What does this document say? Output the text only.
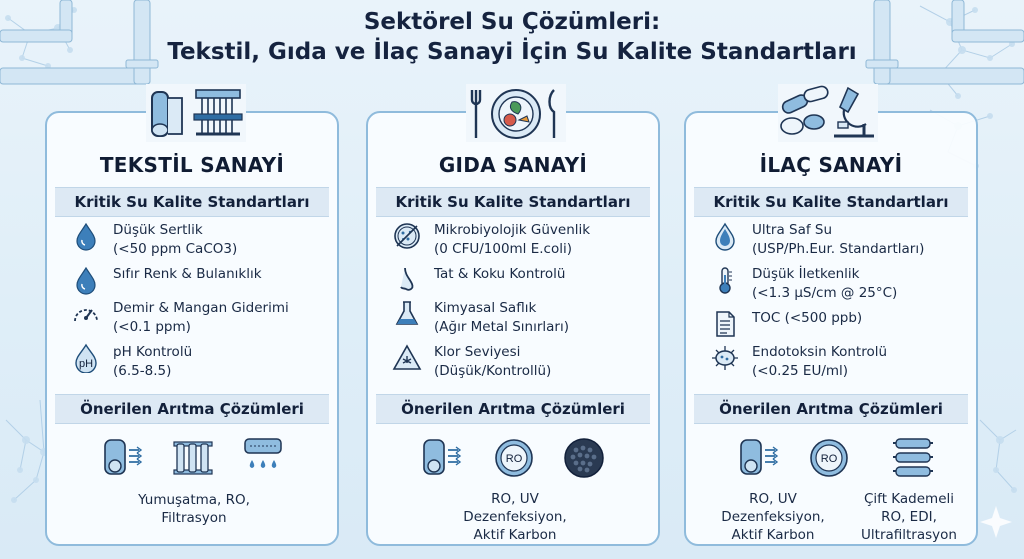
Sektörel Su Çözümleri:
Tekstil, Gıda ve İlaç Sanayi İçin Su Kalite Standartları
TEKSTİL SANAYİ
Kritik Su Kalite Standartları
Düşük Sertlik
(<50 ppm CaCO3)
Sıfır Renk & Bulanıklık
Demir & Mangan Giderimi
(<0.1 ppm)
pH
pH Kontrolü
(6.5-8.5)
Önerilen Arıtma Çözümleri
Yumuşatma, RO,
Filtrasyon
GIDA SANAYİ
Kritik Su Kalite Standartları
Mikrobiyolojik Güvenlik
(0 CFU/100ml E.coli)
Tat & Koku Kontrolü
Kimyasal Saflık
(Ağır Metal Sınırları)
Klor Seviyesi
(Düşük/Kontrollü)
Önerilen Arıtma Çözümleri
RO
RO, UV
Dezenfeksiyon,
Aktif Karbon
İLAÇ SANAYİ
Kritik Su Kalite Standartları
Ultra Saf Su
(USP/Ph.Eur. Standartları)
Düşük İletkenlik
(<1.3 µS/cm @ 25°C)
TOC (<500 ppb)
Endotoksin Kontrolü
(<0.25 EU/ml)
Önerilen Arıtma Çözümleri
RO
RO, UV
Dezenfeksiyon,
Aktif Karbon
Çift Kademeli
RO, EDI,
Ultrafiltrasyon
